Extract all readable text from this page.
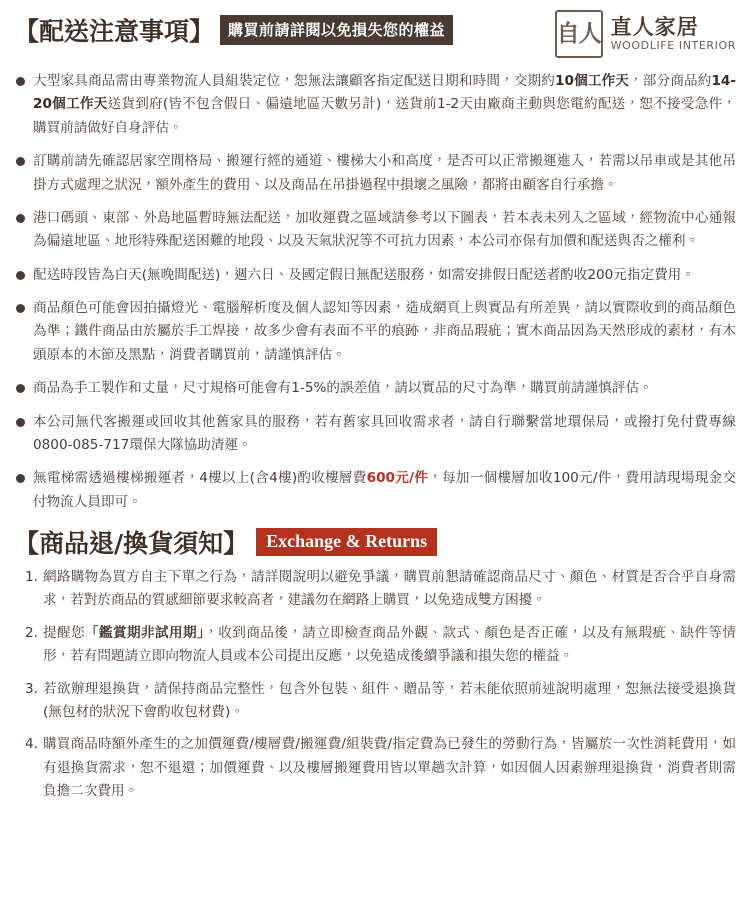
【配送注意事項】 購買前請詳閱以免損失您的權益	自人 直人家居
WOODLIFE INTERIOR
大型家具商品需由專業物流人員組裝定位，恕無法讓顧客指定配送日期和時間，交期約10個工作天，部分商品約14-20個工作天送貨到府(皆不包含假日、偏遠地區天數另計)，送貨前1-2天由廠商主動與您電約配送，恕不接受急件，購買前請做好自身評估。
訂購前請先確認居家空間格局、搬運行經的通道、樓梯大小和高度，是否可以正常搬運進入，若需以吊車或是其他吊掛方式處理之狀況，額外產生的費用、以及商品在吊掛過程中損壞之風險，都將由顧客自行承擔。
港口碼頭、東部、外島地區暫時無法配送，加收運費之區域請參考以下圖表，若本表未列入之區域，經物流中心通報為偏遠地區、地形特殊配送困難的地段、以及天氣狀況等不可抗力因素，本公司亦保有加價和配送與否之權利。
配送時段皆為白天(無晚間配送)，週六日、及國定假日無配送服務，如需安排假日配送者酌收200元指定費用。
商品顏色可能會因拍攝燈光、電腦解析度及個人認知等因素，造成網頁上與實品有所差異，請以實際收到的商品顏色為準；鐵件商品由於屬於手工焊接，故多少會有表面不平的痕跡，非商品瑕疵；實木商品因為天然形成的素材，有木頭原本的木節及黑點，消費者購買前，請謹慎評估。
商品為手工製作和丈量，尺寸規格可能會有1-5%的誤差值，請以實品的尺寸為準，購買前請謹慎評估。
本公司無代客搬運或回收其他舊家具的服務，若有舊家具回收需求者，請自行聯繫當地環保局，或撥打免付費專線0800-085-717環保大隊協助清運。
無電梯需透過樓梯搬運者，4樓以上(含4樓)酌收樓層費600元/件，每加一個樓層加收100元/件，費用請現場現金交付物流人員即可。
【商品退/換貨須知】	Exchange & Returns
1. 網路購物為買方自主下單之行為，請詳閱說明以避免爭議，購買前懇請確認商品尺寸、顏色、材質是否合乎自身需求，若對於商品的質感細節要求較高者，建議勿在網路上購買，以免造成雙方困擾。
2. 提醒您「鑑賞期非試用期」，收到商品後，請立即檢查商品外觀、款式、顏色是否正確，以及有無瑕疵、缺件等情形，若有問題請立即向物流人員或本公司提出反應，以免造成後續爭議和損失您的權益。
3. 若欲辦理退換貨，請保持商品完整性，包含外包裝、組件、贈品等，若未能依照前述說明處理，恕無法接受退換貨(無包材的狀況下會酌收包材費)。
4. 購買商品時額外產生的之加價運費/樓層費/搬運費/組裝費/指定費為已發生的勞動行為，皆屬於一次性消耗費用，如有退換貨需求，恕不退還；加價運費、以及樓層搬運費用皆以單趟次計算，如因個人因素辦理退換貨，消費者則需負擔二次費用。
